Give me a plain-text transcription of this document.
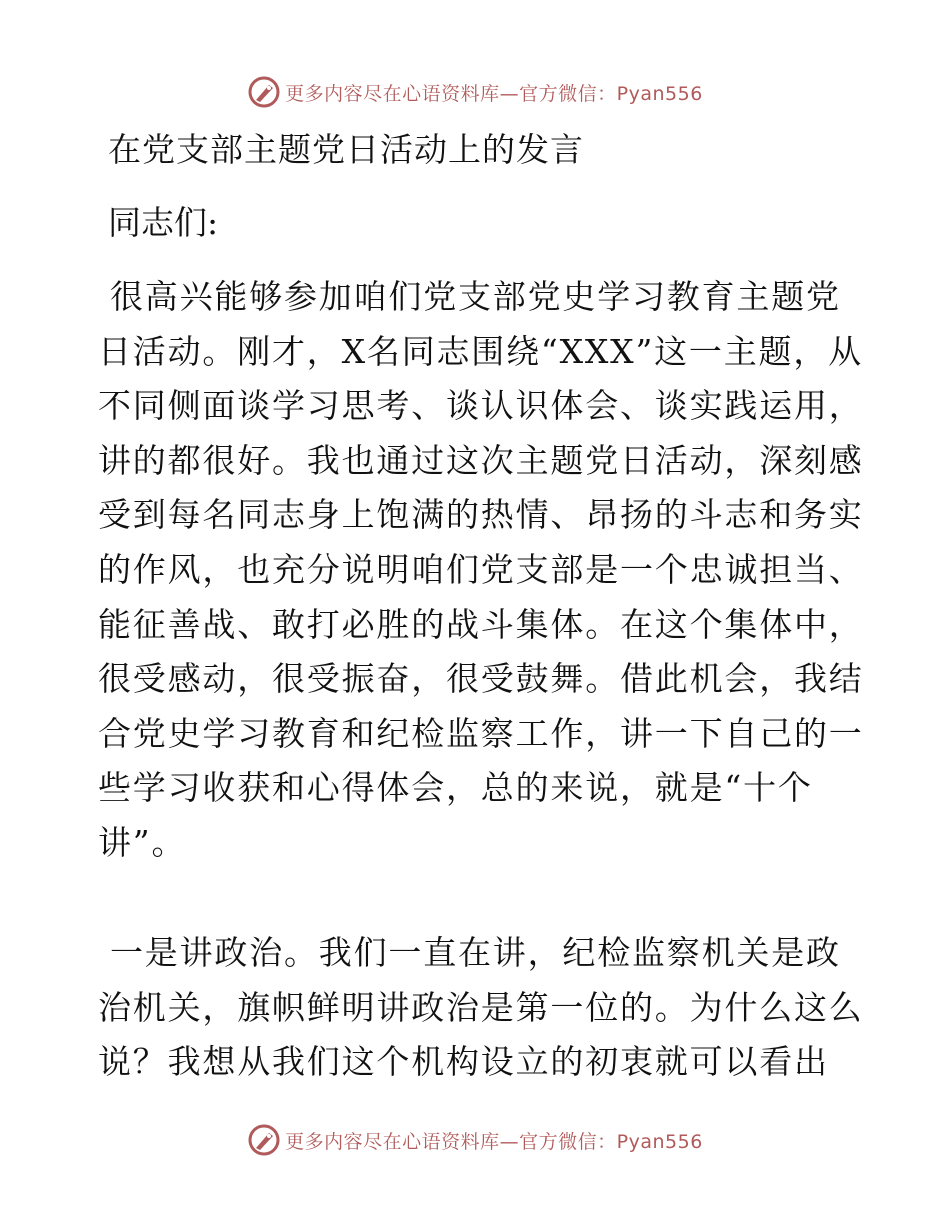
更多内容尽在心语资料库—官方微信：Pyan556
在党支部主题党日活动上的发言
同志们:
很高兴能够参加咱们党支部党史学习教育主题党
日活动。刚才，X名同志围绕“XXX”这一主题，从
不同侧面谈学习思考、谈认识体会、谈实践运用，
讲的都很好。我也通过这次主题党日活动，深刻感
受到每名同志身上饱满的热情、昂扬的斗志和务实
的作风，也充分说明咱们党支部是一个忠诚担当、
能征善战、敢打必胜的战斗集体。在这个集体中，
很受感动，很受振奋，很受鼓舞。借此机会，我结
合党史学习教育和纪检监察工作，讲一下自己的一
些学习收获和心得体会，总的来说，就是“十个
讲”。
一是讲政治。我们一直在讲，纪检监察机关是政
治机关，旗帜鲜明讲政治是第一位的。为什么这么
说？我想从我们这个机构设立的初衷就可以看出
更多内容尽在心语资料库—官方微信：Pyan556
